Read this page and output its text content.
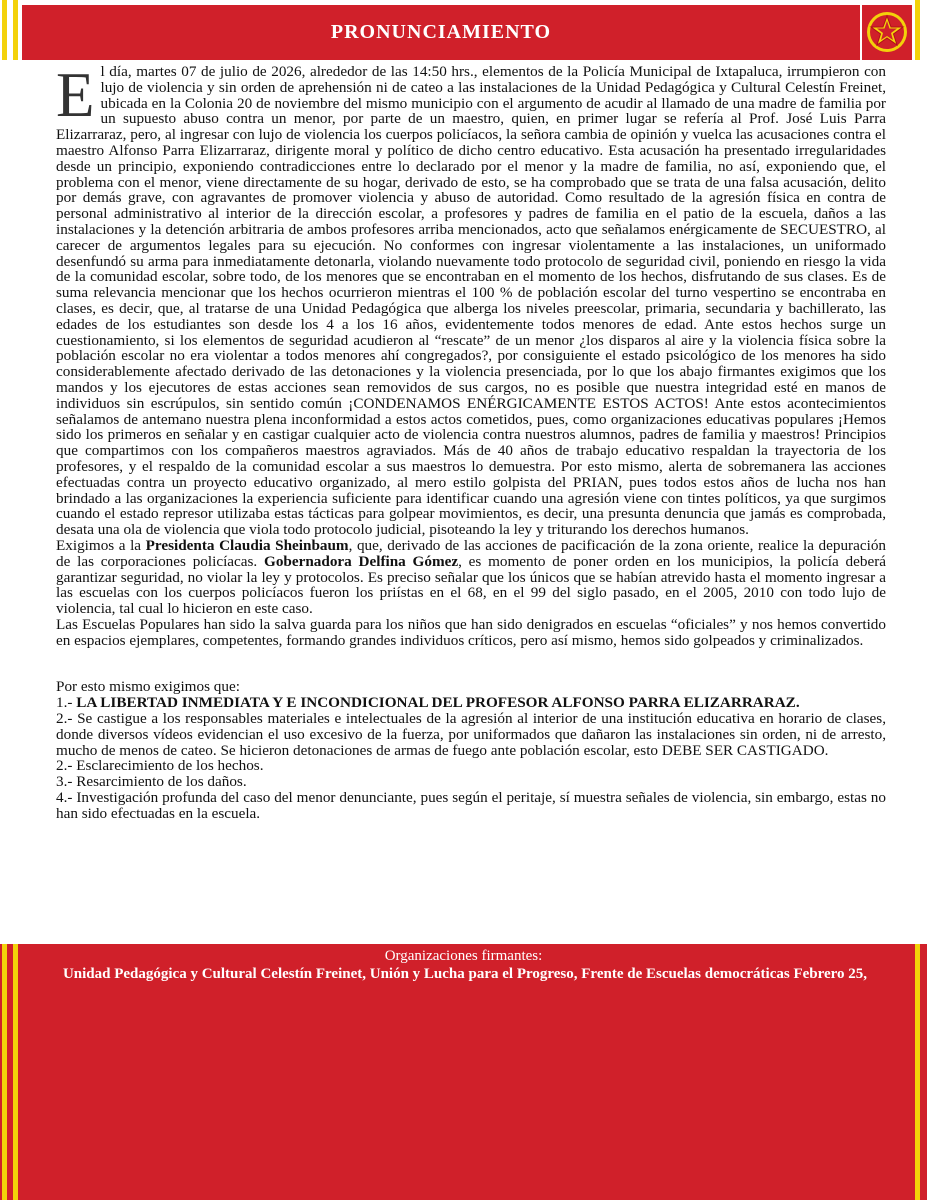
PRONUNCIAMIENTO

El día, martes 07 de julio de 2026, alrededor de las 14:50 hrs., elementos de la Policía Municipal de Ixtapaluca, irrumpieron con lujo de violencia y sin orden de aprehensión ni de cateo a las instalaciones de la Unidad Pedagógica y Cultural Celestín Freinet, ubicada en la Colonia 20 de noviembre del mismo municipio con el argumento de acudir al llamado de una madre de familia por un supuesto abuso contra un menor, por parte de un maestro, quien, en primer lugar se refería al Prof. José Luis Parra Elizarraraz, pero, al ingresar con lujo de violencia los cuerpos policíacos, la señora cambia de opinión y vuelca las acusaciones contra el maestro Alfonso Parra Elizarraraz, dirigente moral y político de dicho centro educativo. Esta acusación ha presentado irregularidades desde un principio, exponiendo contradicciones entre lo declarado por el menor y la madre de familia, no así, exponiendo que, el problema con el menor, viene directamente de su hogar, derivado de esto, se ha comprobado que se trata de una falsa acusación, delito por demás grave, con agravantes de promover violencia y abuso de autoridad. Como resultado de la agresión física en contra de personal administrativo al interior de la dirección escolar, a profesores y padres de familia en el patio de la escuela, daños a las instalaciones y la detención arbitraria de ambos profesores arriba mencionados, acto que señalamos enérgicamente de SECUESTRO, al carecer de argumentos legales para su ejecución. No conformes con ingresar violentamente a las instalaciones, un uniformado desenfundó su arma para inmediatamente detonarla, violando nuevamente todo protocolo de seguridad civil, poniendo en riesgo la vida de la comunidad escolar, sobre todo, de los menores que se encontraban en el momento de los hechos, disfrutando de sus clases. Es de suma relevancia mencionar que los hechos ocurrieron mientras el 100 % de población escolar del turno vespertino se encontraba en clases, es decir, que, al tratarse de una Unidad Pedagógica que alberga los niveles preescolar, primaria, secundaria y bachillerato, las edades de los estudiantes son desde los 4 a los 16 años, evidentemente todos menores de edad. Ante estos hechos surge un cuestionamiento, si los elementos de seguridad acudieron al “rescate” de un menor ¿los disparos al aire y la violencia física sobre la población escolar no era violentar a todos menores ahí congregados?, por consiguiente el estado psicológico de los menores ha sido considerablemente afectado derivado de las detonaciones y la violencia presenciada, por lo que los abajo firmantes exigimos que los mandos y los ejecutores de estas acciones sean removidos de sus cargos, no es posible que nuestra integridad esté en manos de individuos sin escrúpulos, sin sentido común ¡CONDENAMOS ENÉRGICAMENTE ESTOS ACTOS! Ante estos acontecimientos señalamos de antemano nuestra plena inconformidad a estos actos cometidos, pues, como organizaciones educativas populares ¡Hemos sido los primeros en señalar y en castigar cualquier acto de violencia contra nuestros alumnos, padres de familia y maestros! Principios que compartimos con los compañeros maestros agraviados. Más de 40 años de trabajo educativo respaldan la trayectoria de los profesores, y el respaldo de la comunidad escolar a sus maestros lo demuestra. Por esto mismo, alerta de sobremanera las acciones efectuadas contra un proyecto educativo organizado, al mero estilo golpista del PRIAN, pues todos estos años de lucha nos han brindado a las organizaciones la experiencia suficiente para identificar cuando una agresión viene con tintes políticos, ya que surgimos cuando el estado represor utilizaba estas tácticas para golpear movimientos, es decir, una presunta denuncia que jamás es comprobada, desata una ola de violencia que viola todo protocolo judicial, pisoteando la ley y triturando los derechos humanos.

Exigimos a la Presidenta Claudia Sheinbaum, que, derivado de las acciones de pacificación de la zona oriente, realice la depuración de las corporaciones policíacas. Gobernadora Delfina Gómez, es momento de poner orden en los municipios, la policía deberá garantizar seguridad, no violar la ley y protocolos. Es preciso señalar que los únicos que se habían atrevido hasta el momento ingresar a las escuelas con los cuerpos policíacos fueron los priístas en el 68, en el 99 del siglo pasado, en el 2005, 2010 con todo lujo de violencia, tal cual lo hicieron en este caso.

Las Escuelas Populares han sido la salva guarda para los niños que han sido denigrados en escuelas “oficiales” y nos hemos convertido en espacios ejemplares, competentes, formando grandes individuos críticos, pero así mismo, hemos sido golpeados y criminalizados.

Por esto mismo exigimos que:

1.- LA LIBERTAD INMEDIATA Y E INCONDICIONAL DEL PROFESOR ALFONSO PARRA ELIZARRARAZ.

2.- Se castigue a los responsables materiales e intelectuales de la agresión al interior de una institución educativa en horario de clases, donde diversos vídeos evidencian el uso excesivo de la fuerza, por uniformados que dañaron las instalaciones sin orden, ni de arresto, mucho de menos de cateo. Se hicieron detonaciones de armas de fuego ante población escolar, esto DEBE SER CASTIGADO.

2.- Esclarecimiento de los hechos.

3.- Resarcimiento de los daños.

4.- Investigación profunda del caso del menor denunciante, pues según el peritaje, sí muestra señales de violencia, sin embargo, estas no han sido efectuadas en la escuela.

Organizaciones firmantes:
Unidad Pedagógica y Cultural Celestín Freinet, Unión y Lucha para el Progreso, Frente de Escuelas democráticas Febrero 25,
